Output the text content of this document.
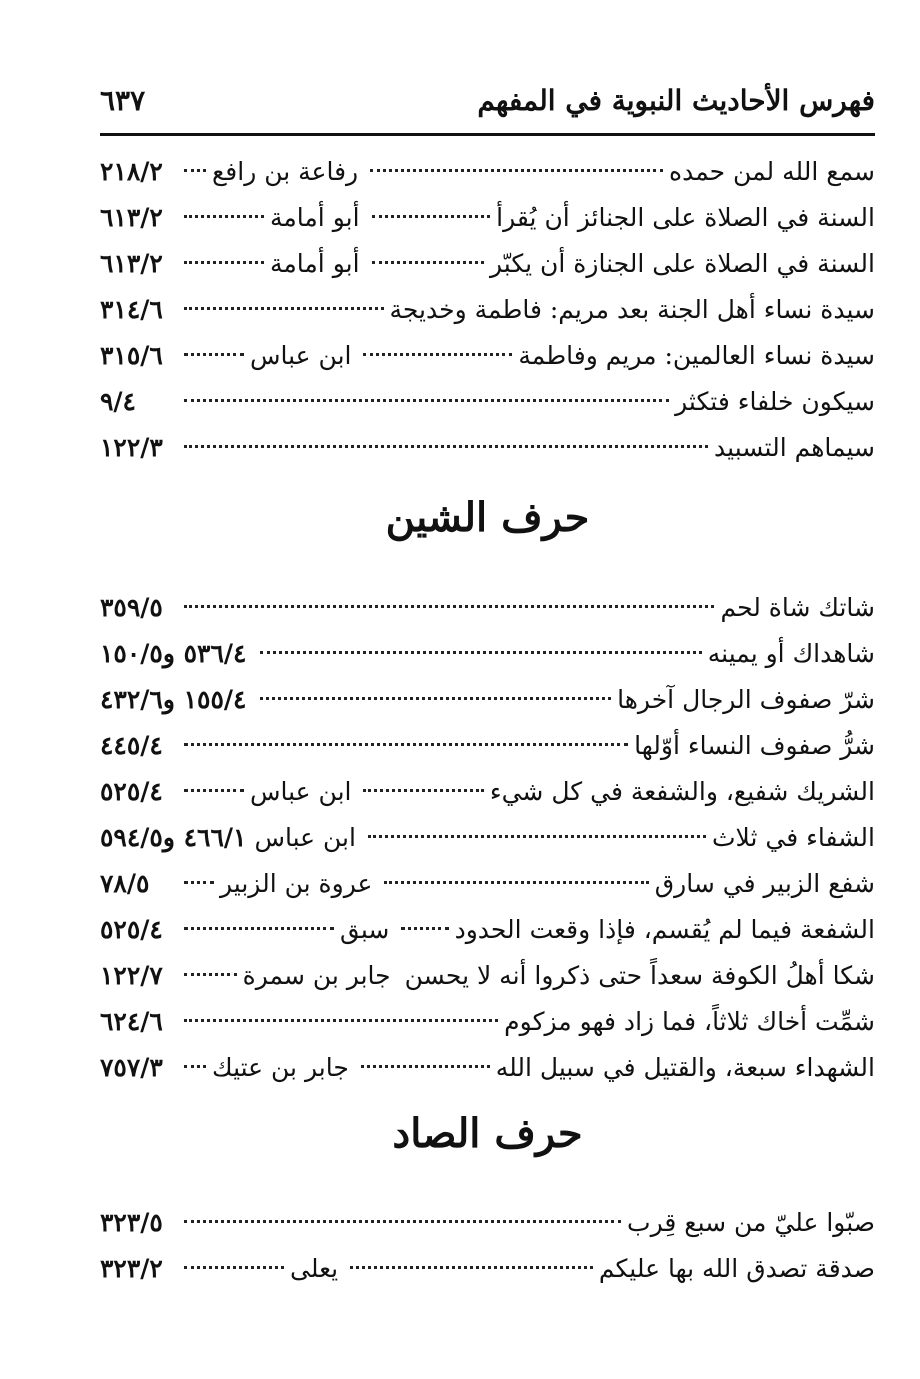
فهرس الأحاديث النبوية في المفهم
٦٣٧
سمع الله لمن حمده
رفاعة بن رافع
٢١٨/٢
السنة في الصلاة على الجنائز أن يُقرأ
أبو أمامة
٦١٣/٢
السنة في الصلاة على الجنازة أن يكبّر
أبو أمامة
٦١٣/٢
سيدة نساء أهل الجنة بعد مريم: فاطمة وخديجة
٣١٤/٦
سيدة نساء العالمين: مريم وفاطمة
ابن عباس
٣١٥/٦
سيكون خلفاء فتكثر
٩/٤
سيماهم التسبيد
١٢٢/٣
حرف الشين
شاتك شاة لحم
٣٥٩/٥
شاهداك أو يمينه
٥٣٦/٤ و١٥٠/٥
شرّ صفوف الرجال آخرها
١٥٥/٤ و٤٣٢/٦
شرُّ صفوف النساء أوّلها
٤٤٥/٤
الشريك شفيع، والشفعة في كل شيء
ابن عباس
٥٢٥/٤
الشفاء في ثلاث
ابن عباس
٤٦٦/١ و٥٩٤/٥
شفع الزبير في سارق
عروة بن الزبير
٧٨/٥
الشفعة فيما لم يُقسم، فإذا وقعت الحدود
سبق
٥٢٥/٤
شكا أهلُ الكوفة سعداً حتى ذكروا أنه لا يحسن
جابر بن سمرة
١٢٢/٧
شمِّت أخاك ثلاثاً، فما زاد فهو مزكوم
٦٢٤/٦
الشهداء سبعة، والقتيل في سبيل الله
جابر بن عتيك
٧٥٧/٣
حرف الصاد
صبّوا عليّ من سبع قِرب
٣٢٣/٥
صدقة تصدق الله بها عليكم
يعلى
٣٢٣/٢
